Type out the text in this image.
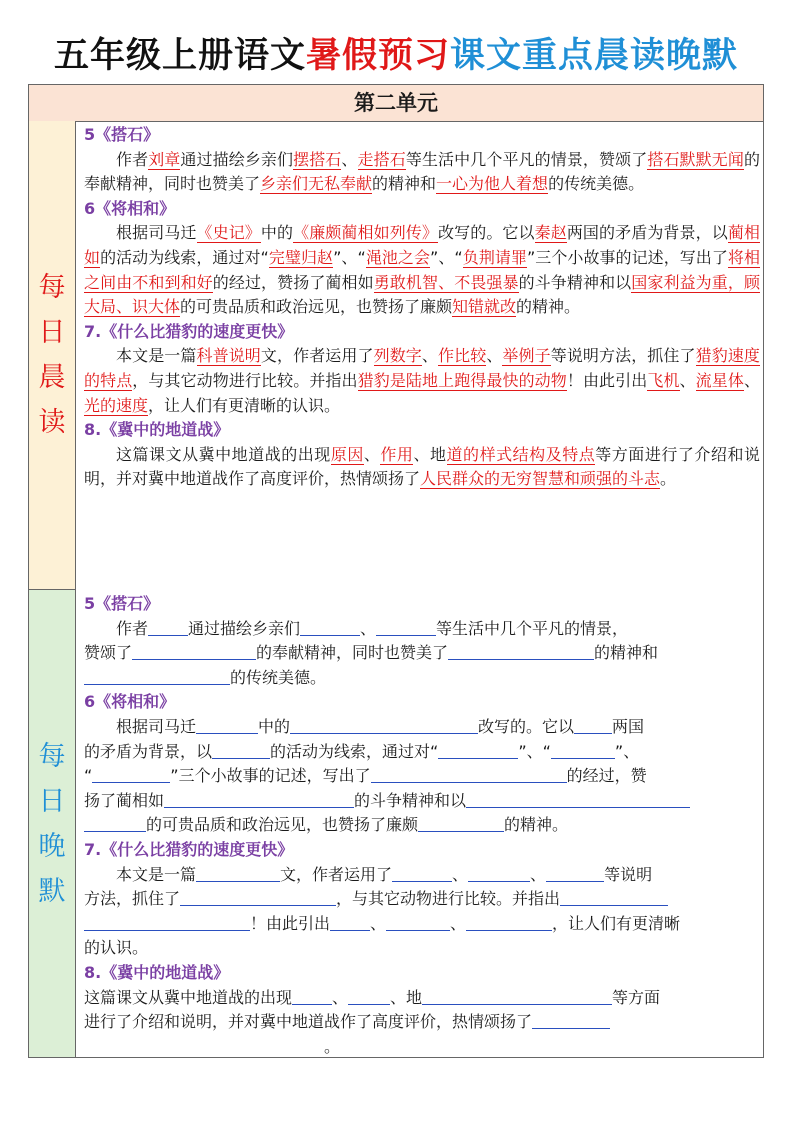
五年级上册语文暑假预习课文重点晨读晚默
第二单元
每
日
晨
读
5《搭石》
作者刘章通过描绘乡亲们摆搭石、走搭石等生活中几个平凡的情景，赞颂了搭石默默无闻的奉献精神，同时也赞美了乡亲们无私奉献的精神和一心为他人着想的传统美德。
6《将相和》
根据司马迁《史记》中的《廉颇蔺相如列传》改写的。它以秦赵两国的矛盾为背景，以蔺相如的活动为线索，通过对“完璧归赵”、“渑池之会”、“负荆请罪”三个小故事的记述，写出了将相之间由不和到和好的经过，赞扬了蔺相如勇敢机智、不畏强暴的斗争精神和以国家利益为重，顾大局、识大体的可贵品质和政治远见，也赞扬了廉颇知错就改的精神。
7.《什么比猎豹的速度更快》
本文是一篇科普说明文，作者运用了列数字、作比较、举例子等说明方法，抓住了猎豹速度的特点，与其它动物进行比较。并指出猎豹是陆地上跑得最快的动物！由此引出飞机、流星体、光的速度，让人们有更清晰的认识。
8.《冀中的地道战》
这篇课文从冀中地道战的出现原因、作用、地道的样式结构及特点等方面进行了介绍和说明，并对冀中地道战作了高度评价，热情颂扬了人民群众的无穷智慧和顽强的斗志。
每
日
晚
默
5《搭石》
  作者	通过描绘乡亲们	、	等生活中几个平凡的情景，
赞颂了	的奉献精神，同时也赞美了	的精神和
的传统美德。
6《将相和》
  根据司马迁	中的	改写的。它以 两国
的矛盾为背景，以	的活动为线索，通过对“	”、“	”、
“	”三个小故事的记述，写出了	的经过，赞
扬了蔺相如	的斗争精神和以
的可贵品质和政治远见，也赞扬了廉颇	的精神。
7.《什么比猎豹的速度更快》
  本文是一篇	文，作者运用了	、	、	等说明
方法，抓住了	，与其它动物进行比较。并指出
！由此引出	、	、	，让人们有更清晰
的认识。
8.《冀中的地道战》
这篇课文从冀中地道战的出现	、	、地	等方面
进行了介绍和说明，并对冀中地道战作了高度评价，热情颂扬了
。
